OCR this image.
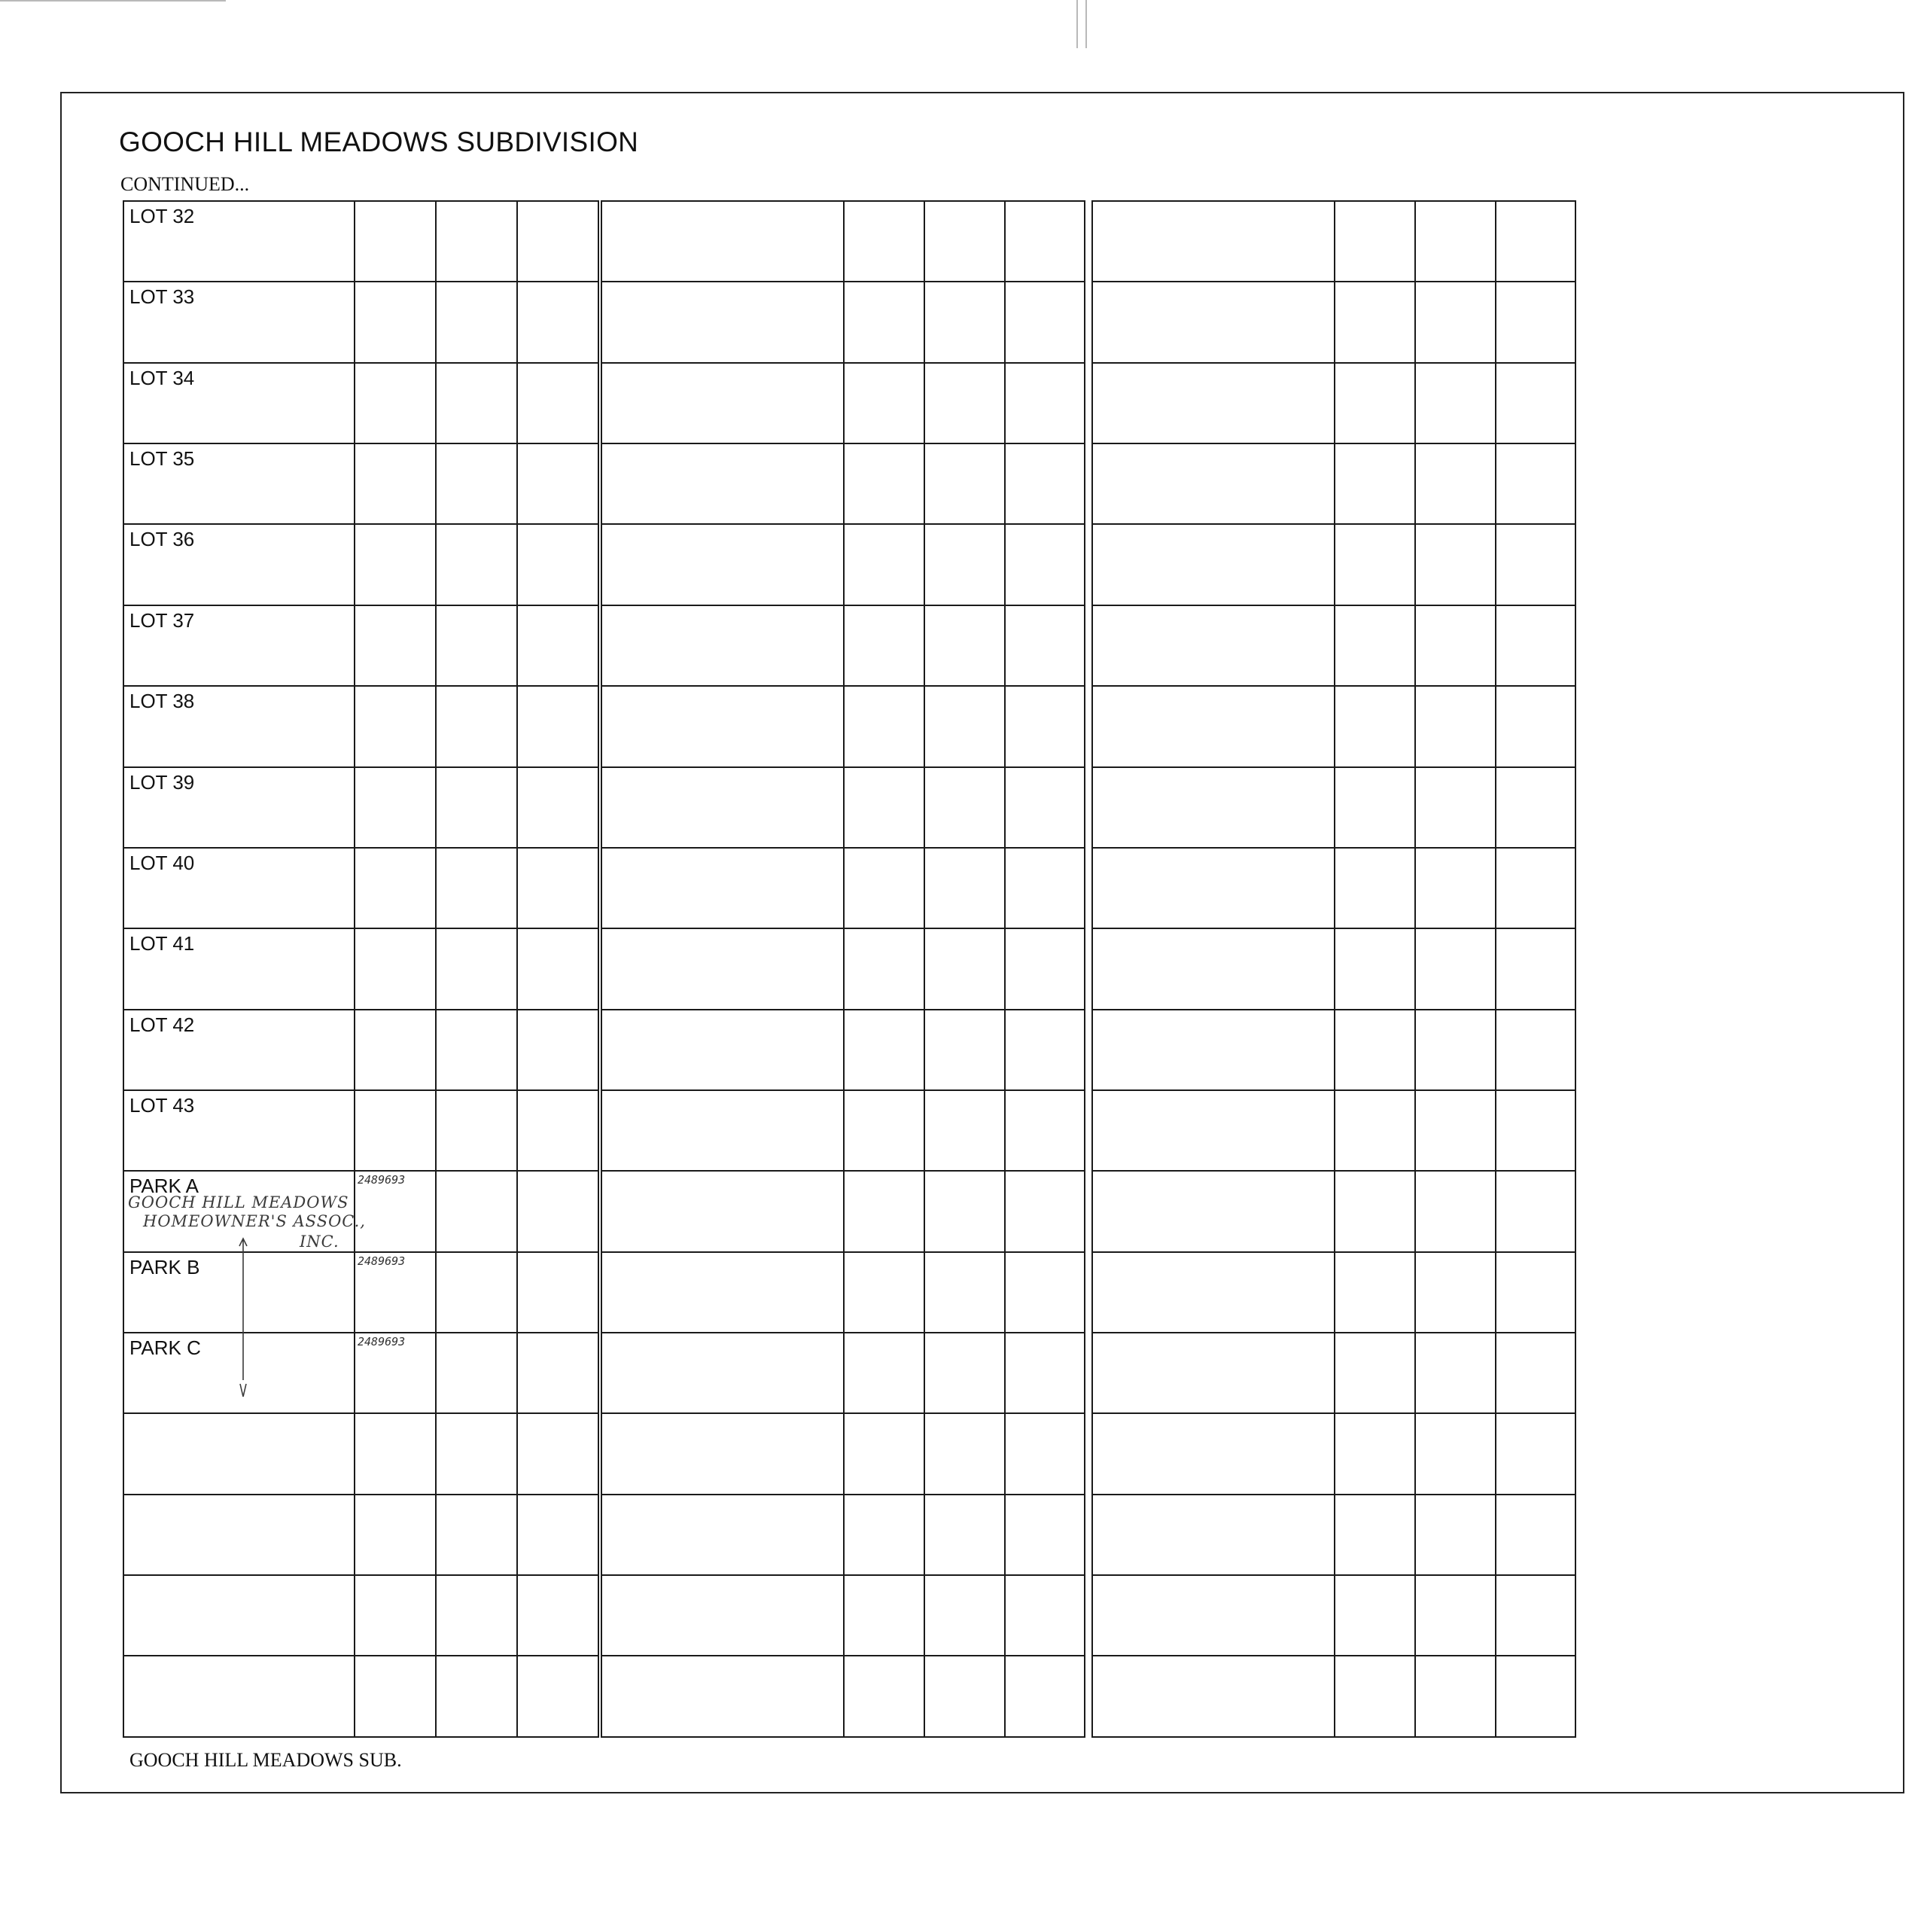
GOOCH HILL MEADOWS SUBDIVISION
CONTINUED...
LOT 32			

LOT 33			

LOT 34			

LOT 35			

LOT 36			

LOT 37			

LOT 38			

LOT 39			

LOT 40			

LOT 41			

LOT 42			

LOT 43			

PARK A	2489693		

PARK B	2489693		

PARK C	2489693		

GOOCH HILL MEADOWS
HOMEOWNER'S ASSOC.,
INC.
GOOCH HILL MEADOWS SUB.
